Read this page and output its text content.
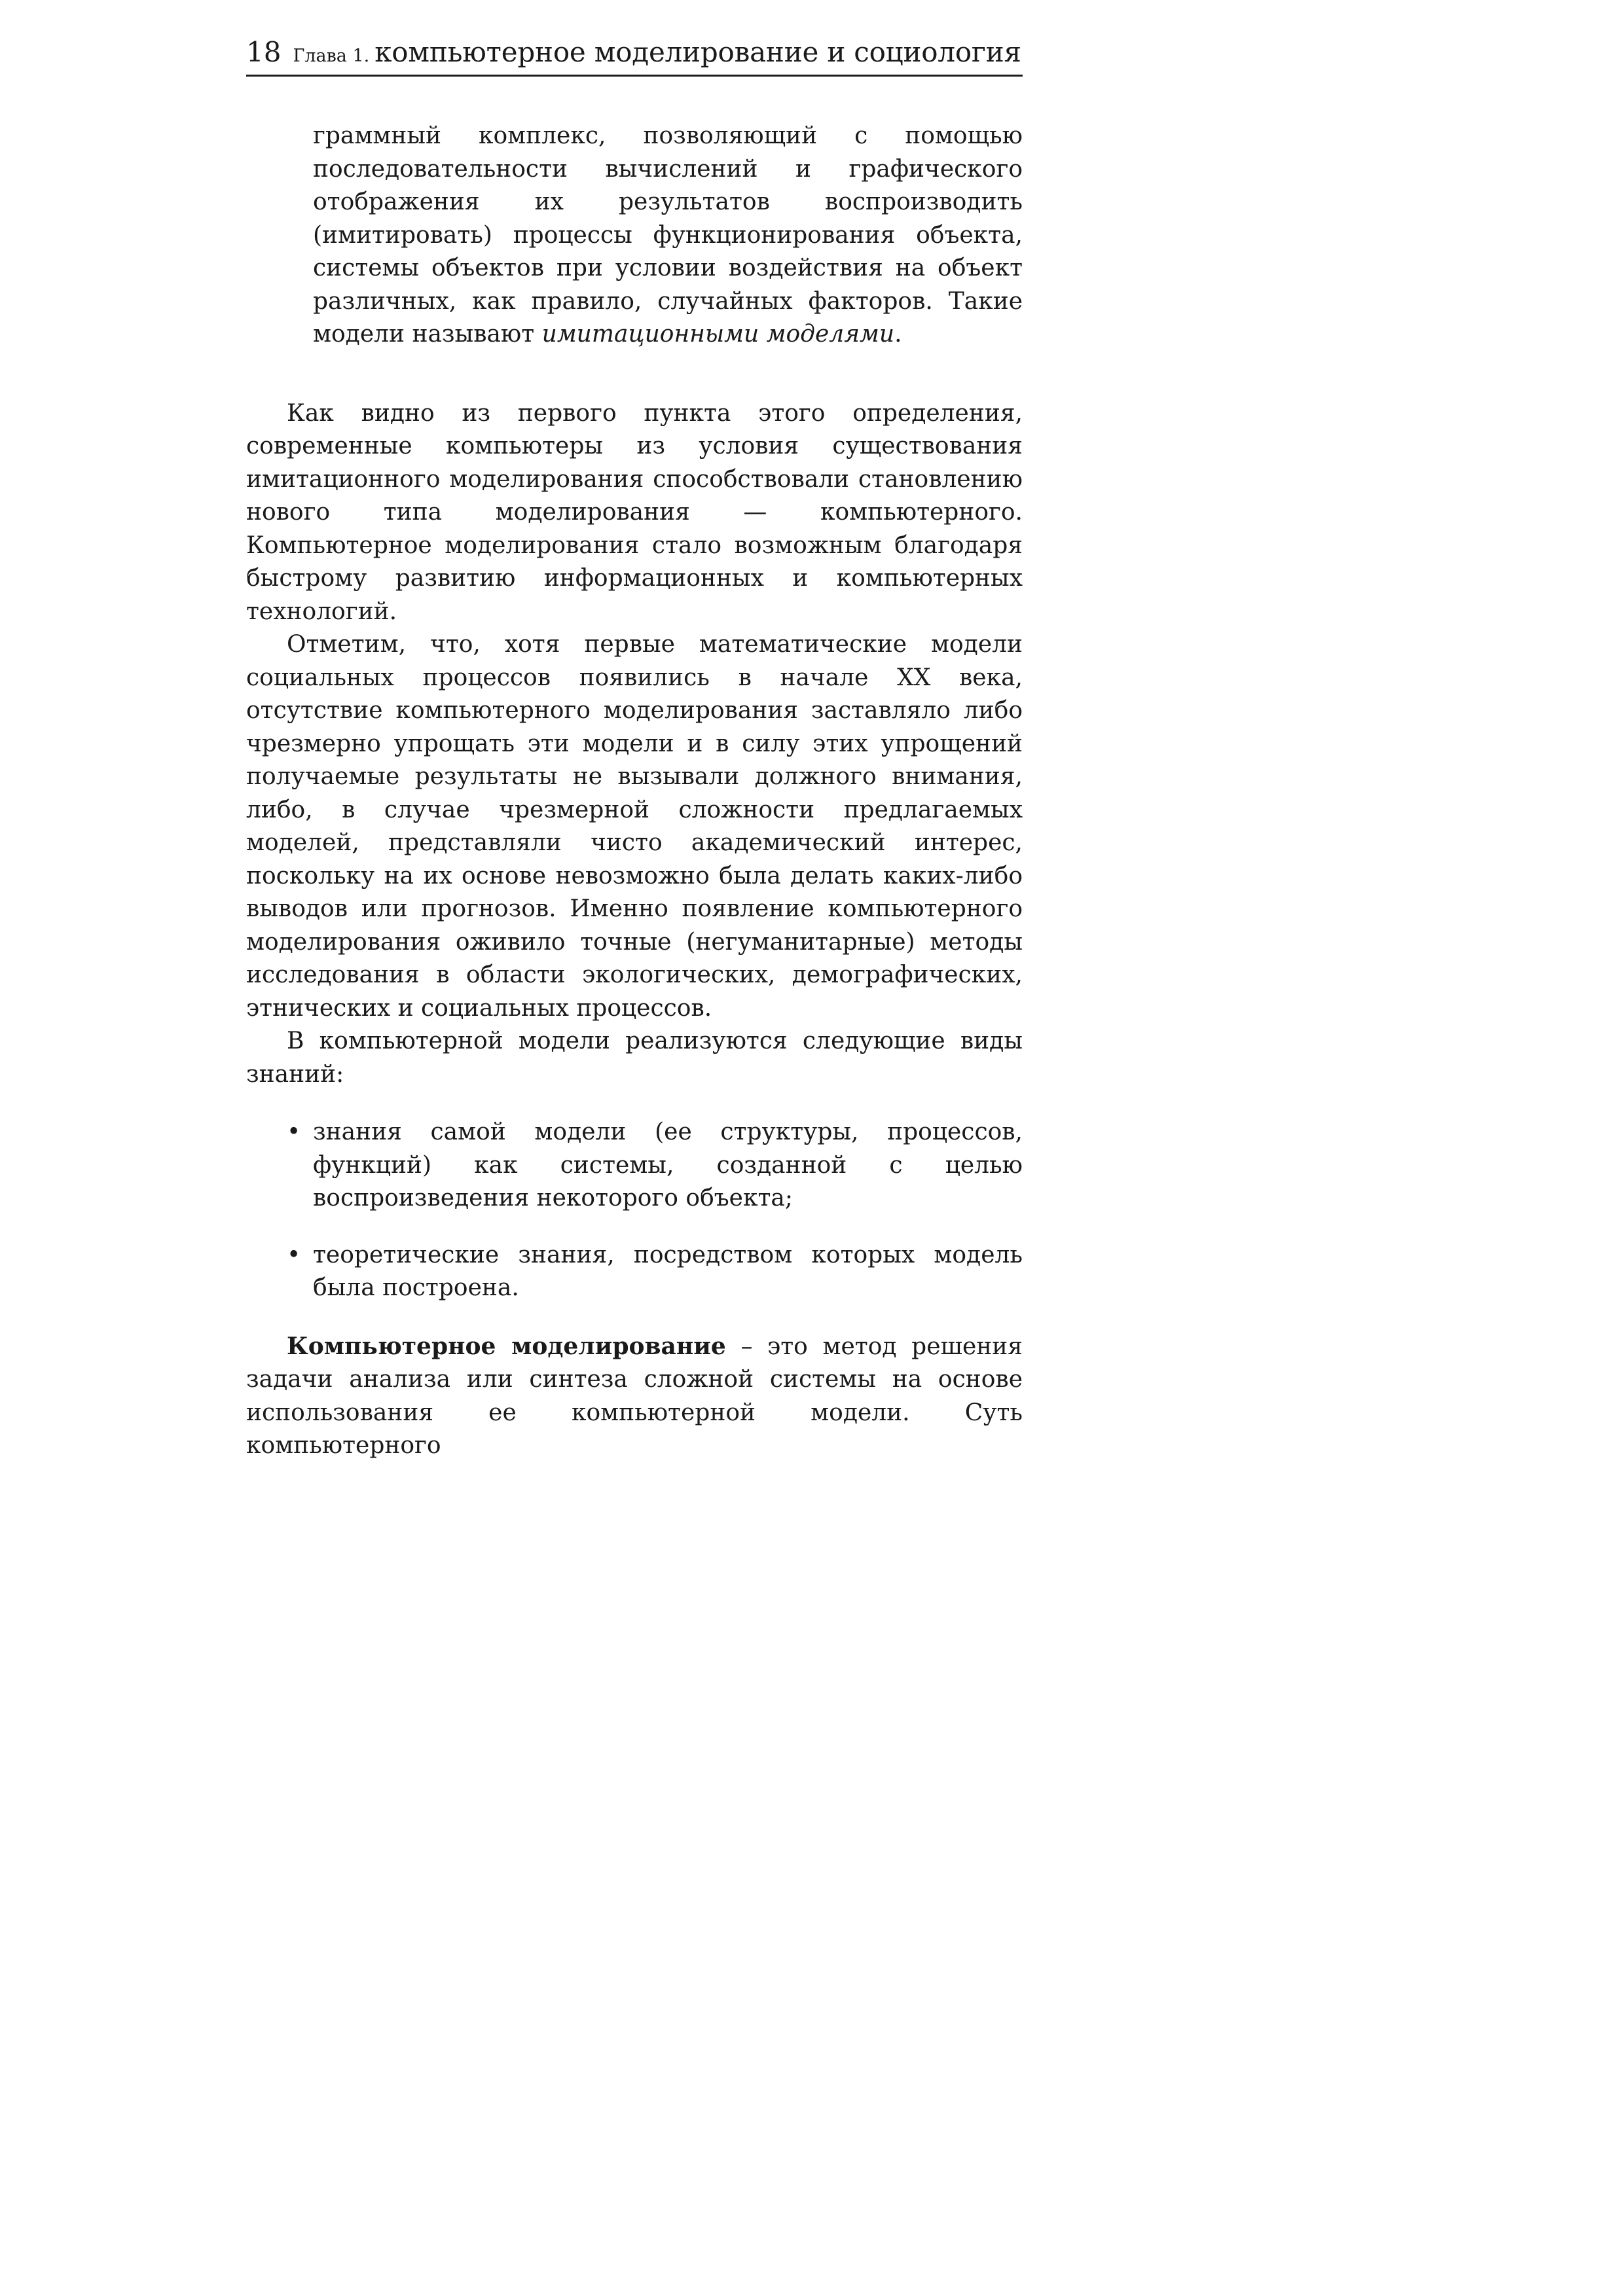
18 Глава 1. компьютерное моделирование и социология

граммный комплекс, позволяющий с помощью последовательности вычислений и графического отображения их результатов воспроизводить (имитировать) процессы функционирования объекта, системы объектов при условии воздействия на объект различных, как правило, случайных факторов. Такие модели называют имитационными моделями.

Как видно из первого пункта этого определения, современные компьютеры из условия существования имитационного моделирования способствовали становлению нового типа моделирования — компьютерного. Компьютерное моделирования стало возможным благодаря быстрому развитию информационных и компьютерных технологий.

Отметим, что, хотя первые математические модели социальных процессов появились в начале XX века, отсутствие компьютерного моделирования заставляло либо чрезмерно упрощать эти модели и в силу этих упрощений получаемые результаты не вызывали должного внимания, либо, в случае чрезмерной сложности предлагаемых моделей, представляли чисто академический интерес, поскольку на их основе невозможно была делать каких-либо выводов или прогнозов. Именно появление компьютерного моделирования оживило точные (негуманитарные) методы исследования в области экологических, демографических, этнических и социальных процессов.

В компьютерной модели реализуются следующие виды знаний:

• знания самой модели (ее структуры, процессов, функций) как системы, созданной с целью воспроизведения некоторого объекта;
• теоретические знания, посредством которых модель была построена.

Компьютерное моделирование – это метод решения задачи анализа или синтеза сложной системы на основе использования ее компьютерной модели. Суть компьютерного
